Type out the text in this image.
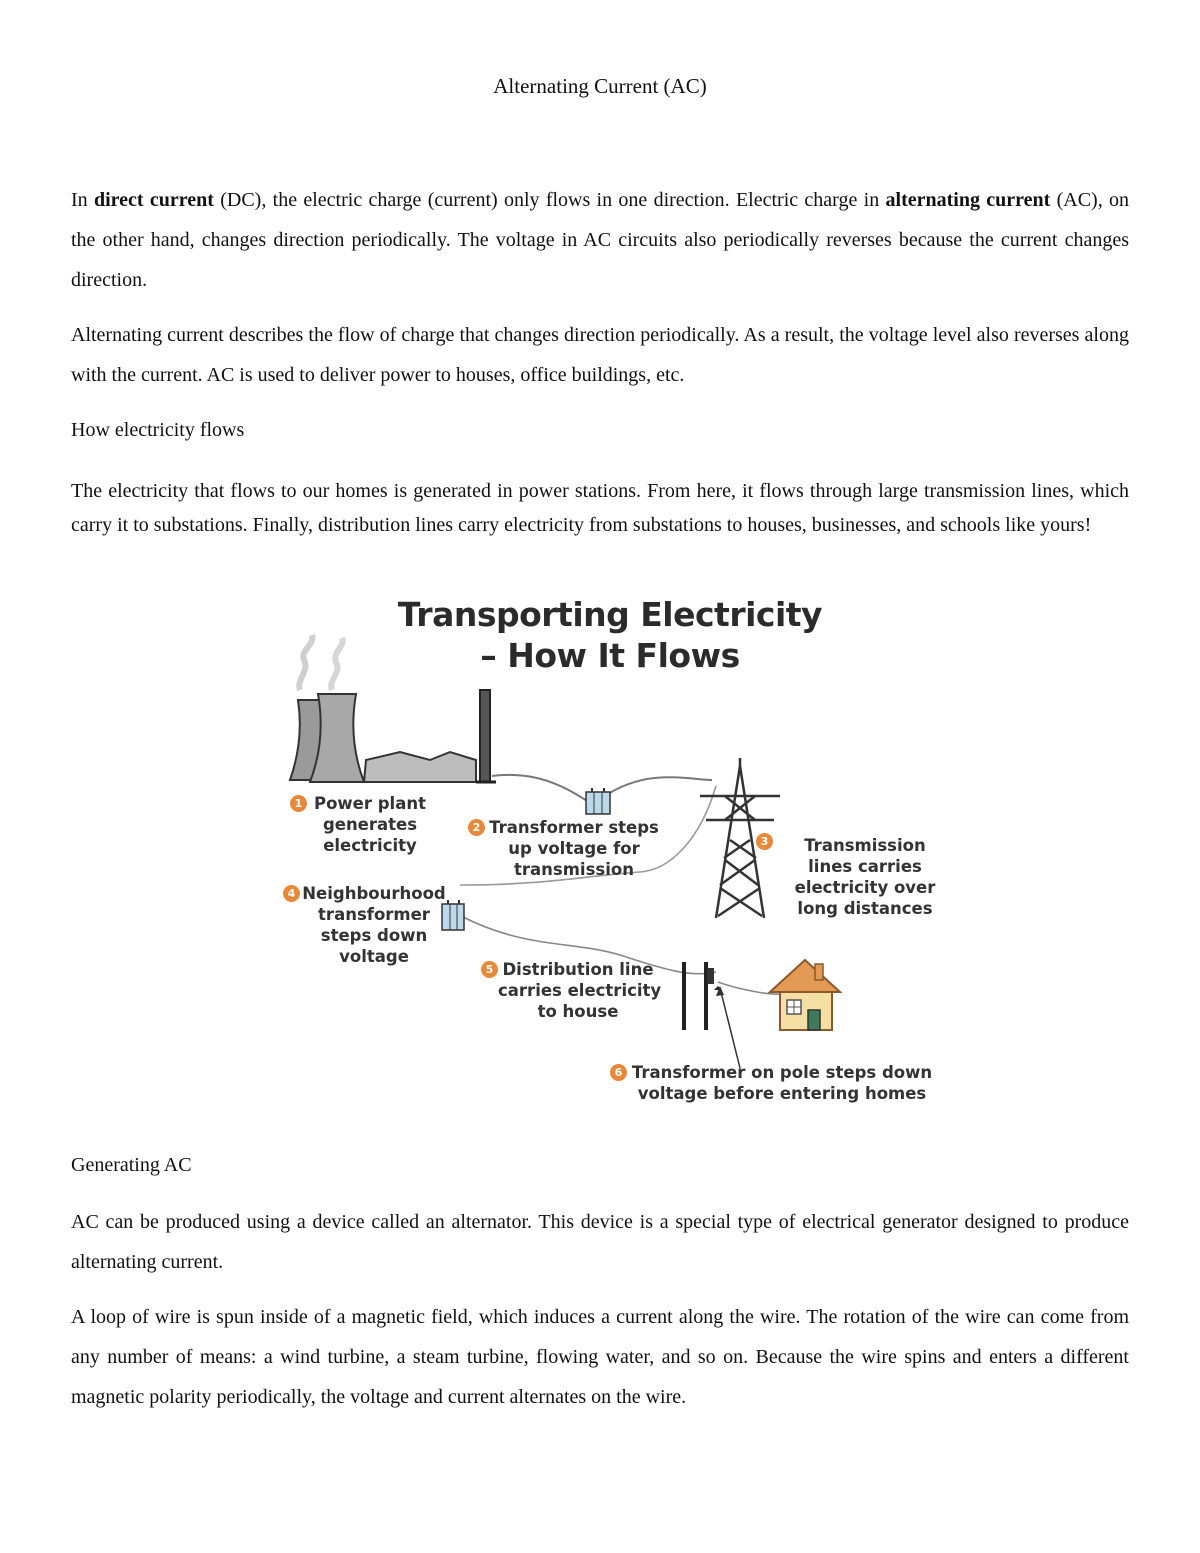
Alternating Current (AC)

In direct current (DC), the electric charge (current) only flows in one direction. Electric charge in alternating current (AC), on the other hand, changes direction periodically. The voltage in AC circuits also periodically reverses because the current changes direction.

Alternating current describes the flow of charge that changes direction periodically. As a result, the voltage level also reverses along with the current. AC is used to deliver power to houses, office buildings, etc.

How electricity flows

The electricity that flows to our homes is generated in power stations. From here, it flows through large transmission lines, which carry it to substations. Finally, distribution lines carry electricity from substations to houses, businesses, and schools like yours!

Transporting Electricity
– How It Flows
1 Power plant
generates
electricity
2 Transformer steps
up voltage for
transmission
3	Transmission
lines carries
electricity over
long distances
4 Neighbourhood
transformer
steps down
voltage
5 Distribution line
carries electricity
to house
6 Transformer on pole steps down
voltage before entering homes

Generating AC

AC can be produced using a device called an alternator. This device is a special type of electrical generator designed to produce alternating current.

A loop of wire is spun inside of a magnetic field, which induces a current along the wire. The rotation of the wire can come from any number of means: a wind turbine, a steam turbine, flowing water, and so on. Because the wire spins and enters a different magnetic polarity periodically, the voltage and current alternates on the wire.
